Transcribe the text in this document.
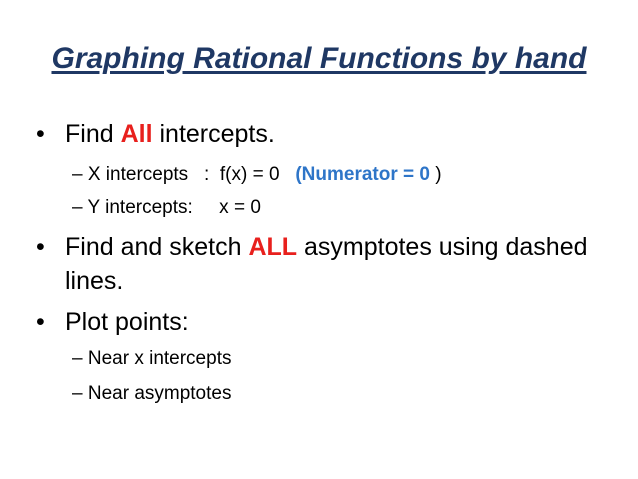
Graphing Rational Functions by hand
• Find All intercepts.
– X intercepts   :  f(x) = 0   (Numerator = 0 )
– Y intercepts:     x = 0
• Find and sketch ALL asymptotes using dashed
lines.
• Plot points:
– Near x intercepts
– Near asymptotes
